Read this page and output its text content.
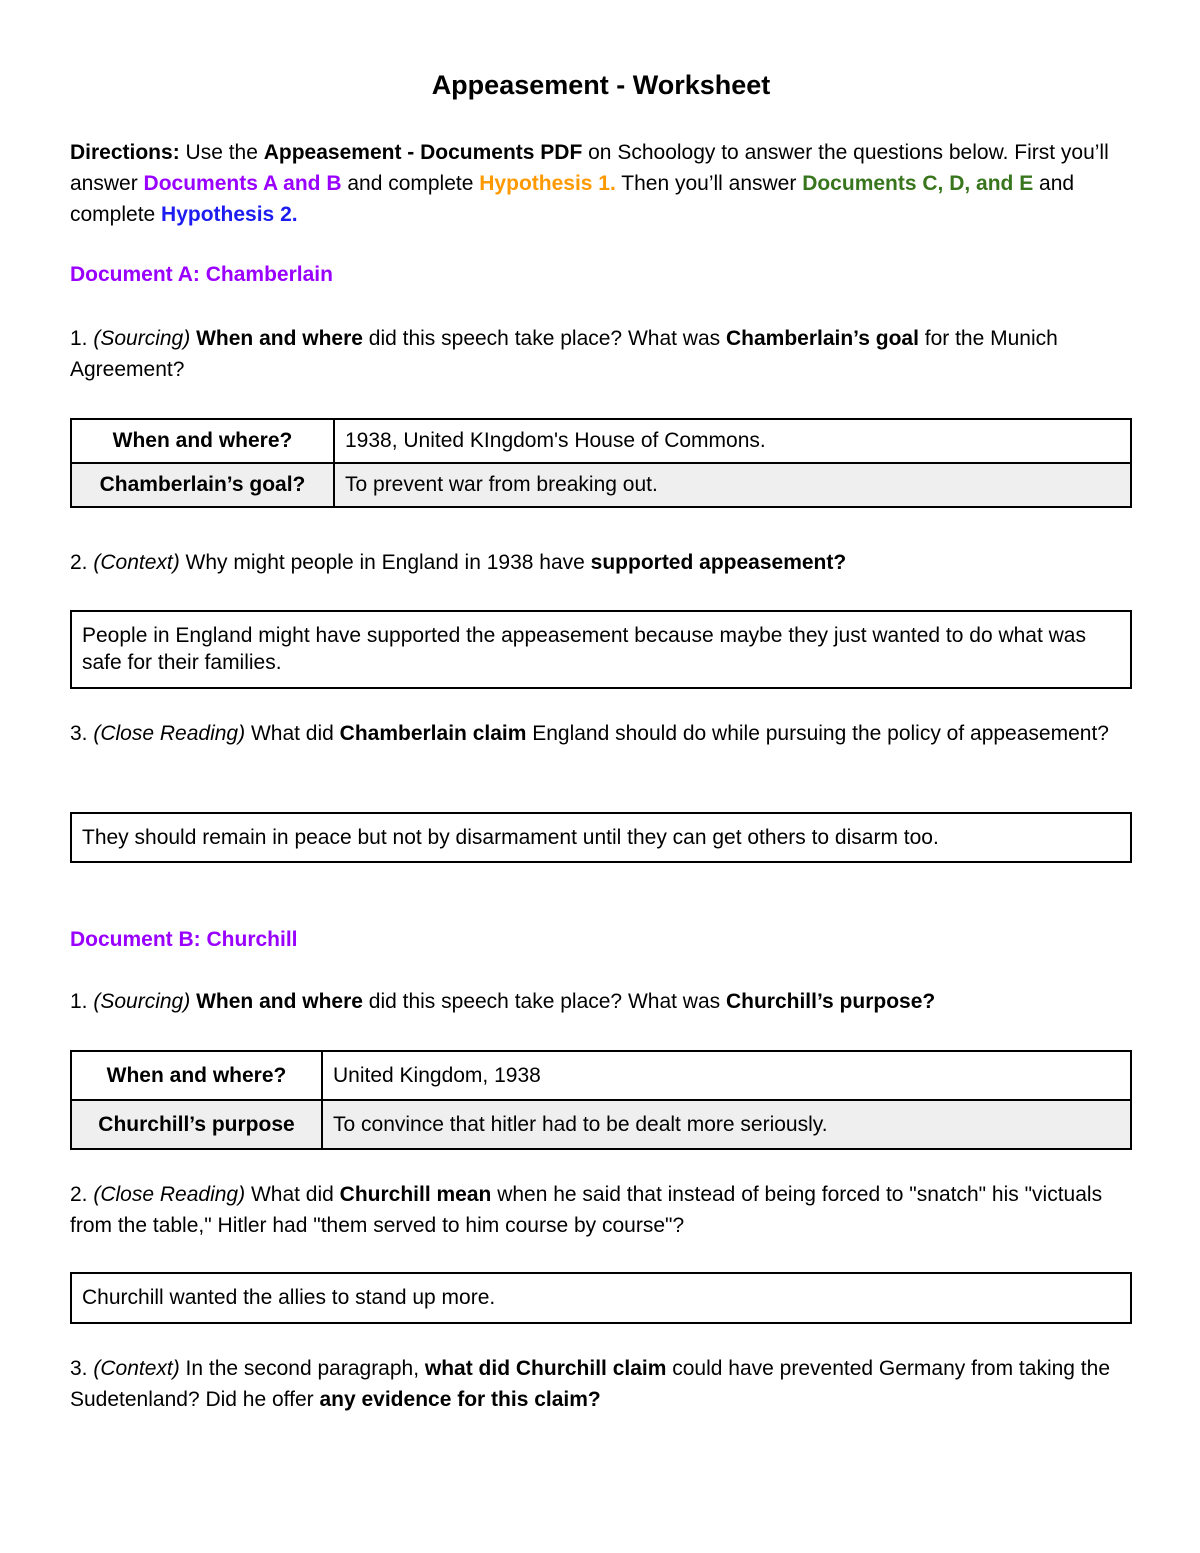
Appeasement - Worksheet
Directions: Use the Appeasement - Documents PDF on Schoology to answer the questions below. First you’ll answer Documents A and B and complete Hypothesis 1. Then you’ll answer Documents C, D, and E and complete Hypothesis 2.
Document A: Chamberlain
1. (Sourcing) When and where did this speech take place? What was Chamberlain’s goal for the Munich Agreement?
When and where?	1938, United KIngdom's House of Commons.
Chamberlain’s goal?	To prevent war from breaking out.
2. (Context) Why might people in England in 1938 have supported appeasement?
People in England might have supported the appeasement because maybe they just wanted to do what was safe for their families.
3. (Close Reading) What did Chamberlain claim England should do while pursuing the policy of appeasement?
They should remain in peace but not by disarmament until they can get others to disarm too.
Document B: Churchill
1. (Sourcing) When and where did this speech take place? What was Churchill’s purpose?
When and where?	United Kingdom, 1938
Churchill’s purpose	To convince that hitler had to be dealt more seriously.
2. (Close Reading) What did Churchill mean when he said that instead of being forced to "snatch" his "victuals from the table," Hitler had "them served to him course by course"?
Churchill wanted the allies to stand up more.
3. (Context) In the second paragraph, what did Churchill claim could have prevented Germany from taking the Sudetenland? Did he offer any evidence for this claim?
